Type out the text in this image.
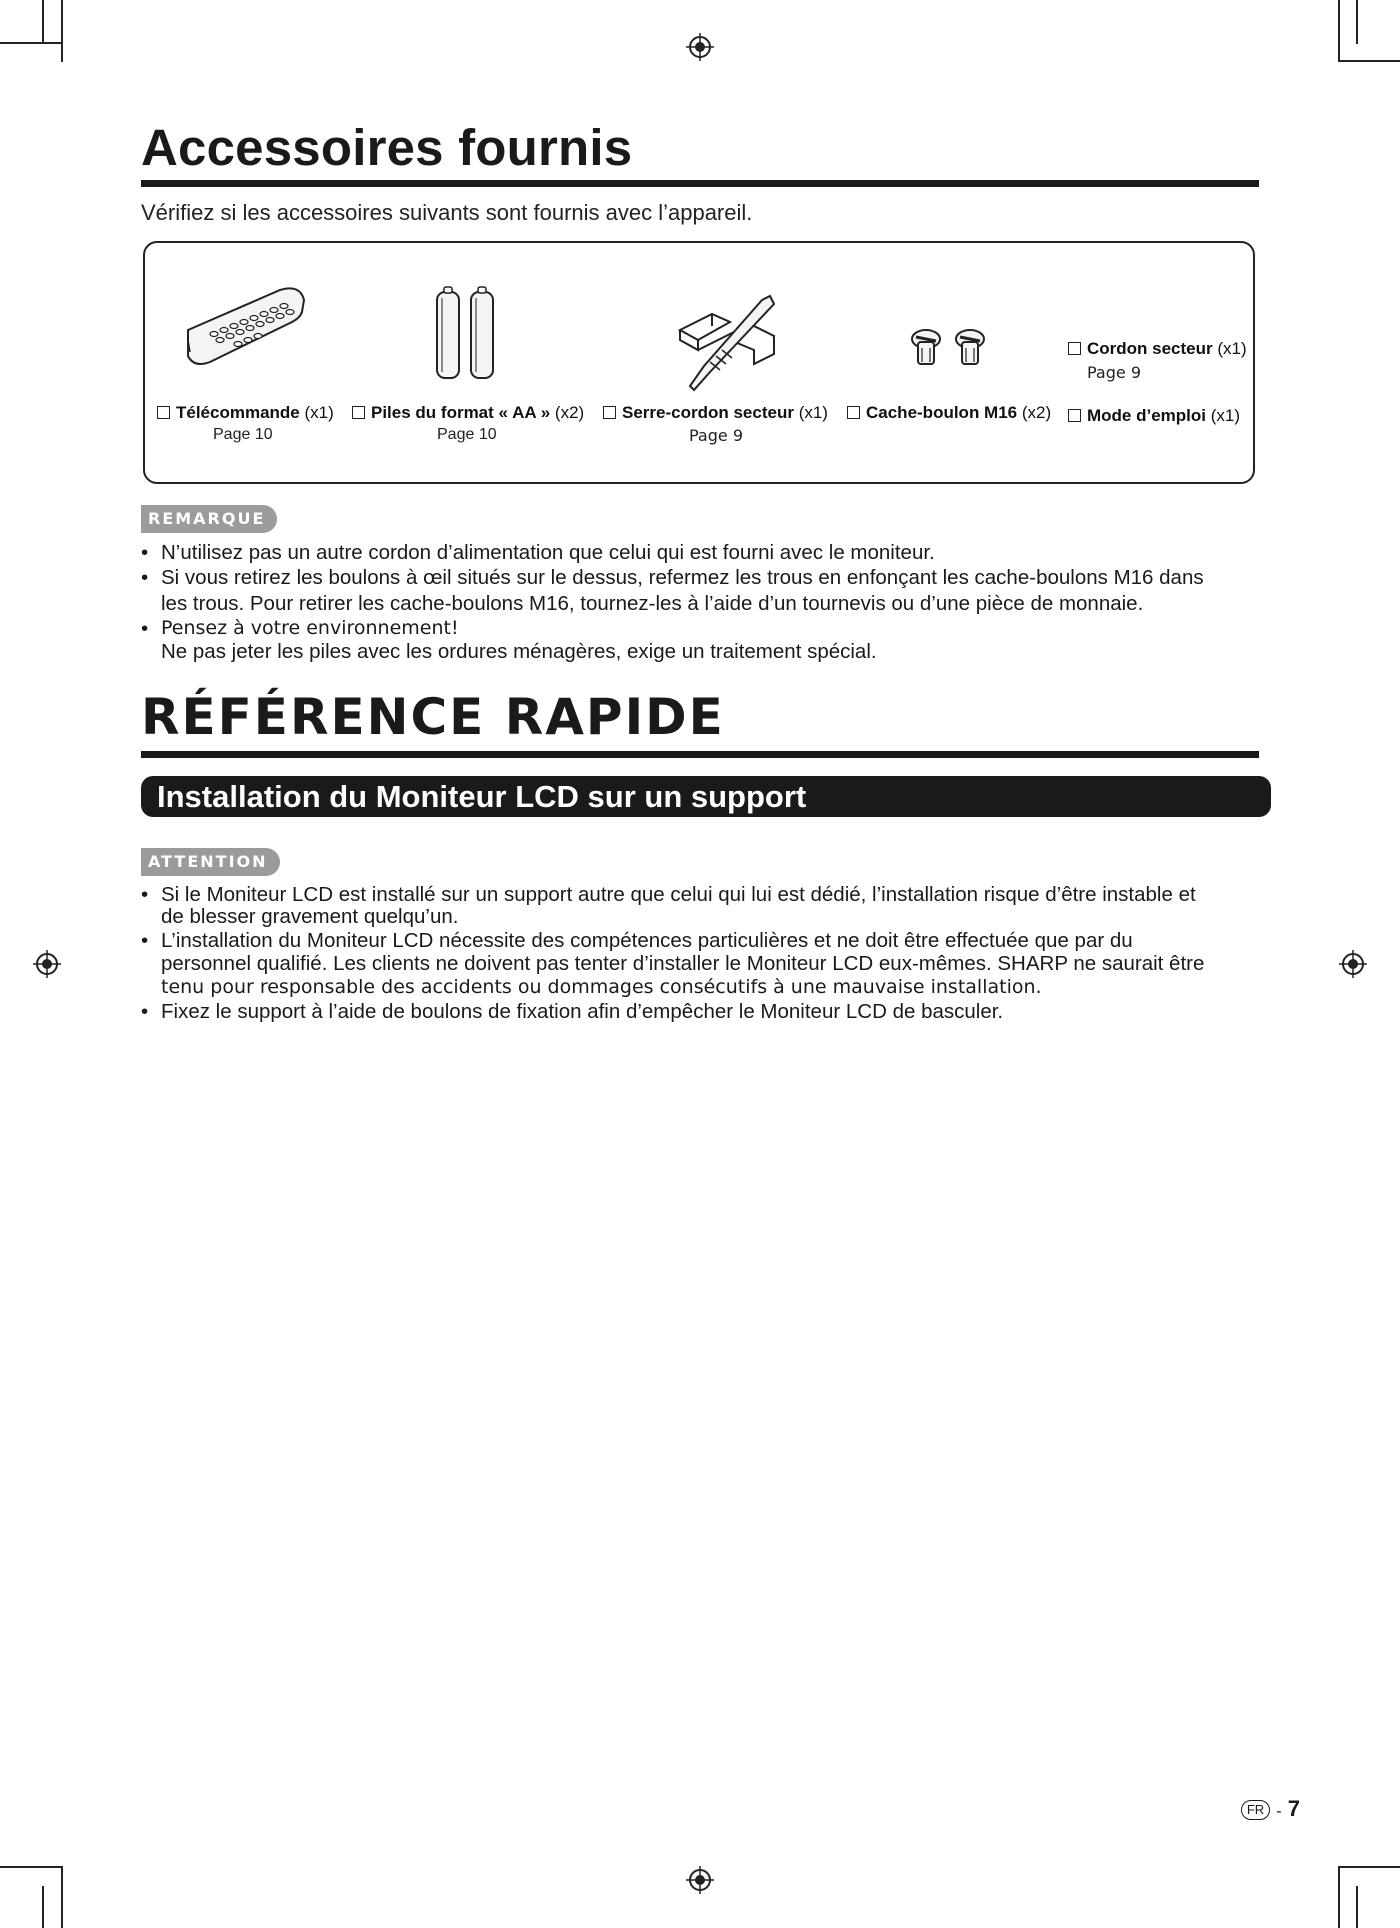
Accessoires fournis
Vérifiez si les accessoires suivants sont fournis avec l’appareil.
Télécommande (x1)
Page 10
Piles du format « AA » (x2)
Page 10
Serre-cordon secteur (x1)
Page 9
Cache-boulon M16 (x2)
Cordon secteur (x1)
Page 9
Mode d’emploi (x1)
REMARQUE
• N’utilisez pas un autre cordon d’alimentation que celui qui est fourni avec le moniteur.
• Si vous retirez les boulons à œil situés sur le dessus, refermez les trous en enfonçant les cache-boulons M16 dans
les trous. Pour retirer les cache-boulons M16, tournez-les à l’aide d’un tournevis ou d’une pièce de monnaie.
• Pensez à votre environnement!
Ne pas jeter les piles avec les ordures ménagères, exige un traitement spécial.
RÉFÉRENCE RAPIDE
Installation du Moniteur LCD sur un support
ATTENTION
• Si le Moniteur LCD est installé sur un support autre que celui qui lui est dédié, l’installation risque d’être instable et
de blesser gravement quelqu’un.
• L’installation du Moniteur LCD nécessite des compétences particulières et ne doit être effectuée que par du
personnel qualifié. Les clients ne doivent pas tenter d’installer le Moniteur LCD eux-mêmes. SHARP ne saurait être
tenu pour responsable des accidents ou dommages consécutifs à une mauvaise installation.
• Fixez le support à l’aide de boulons de fixation afin d’empêcher le Moniteur LCD de basculer.
FR - 7
